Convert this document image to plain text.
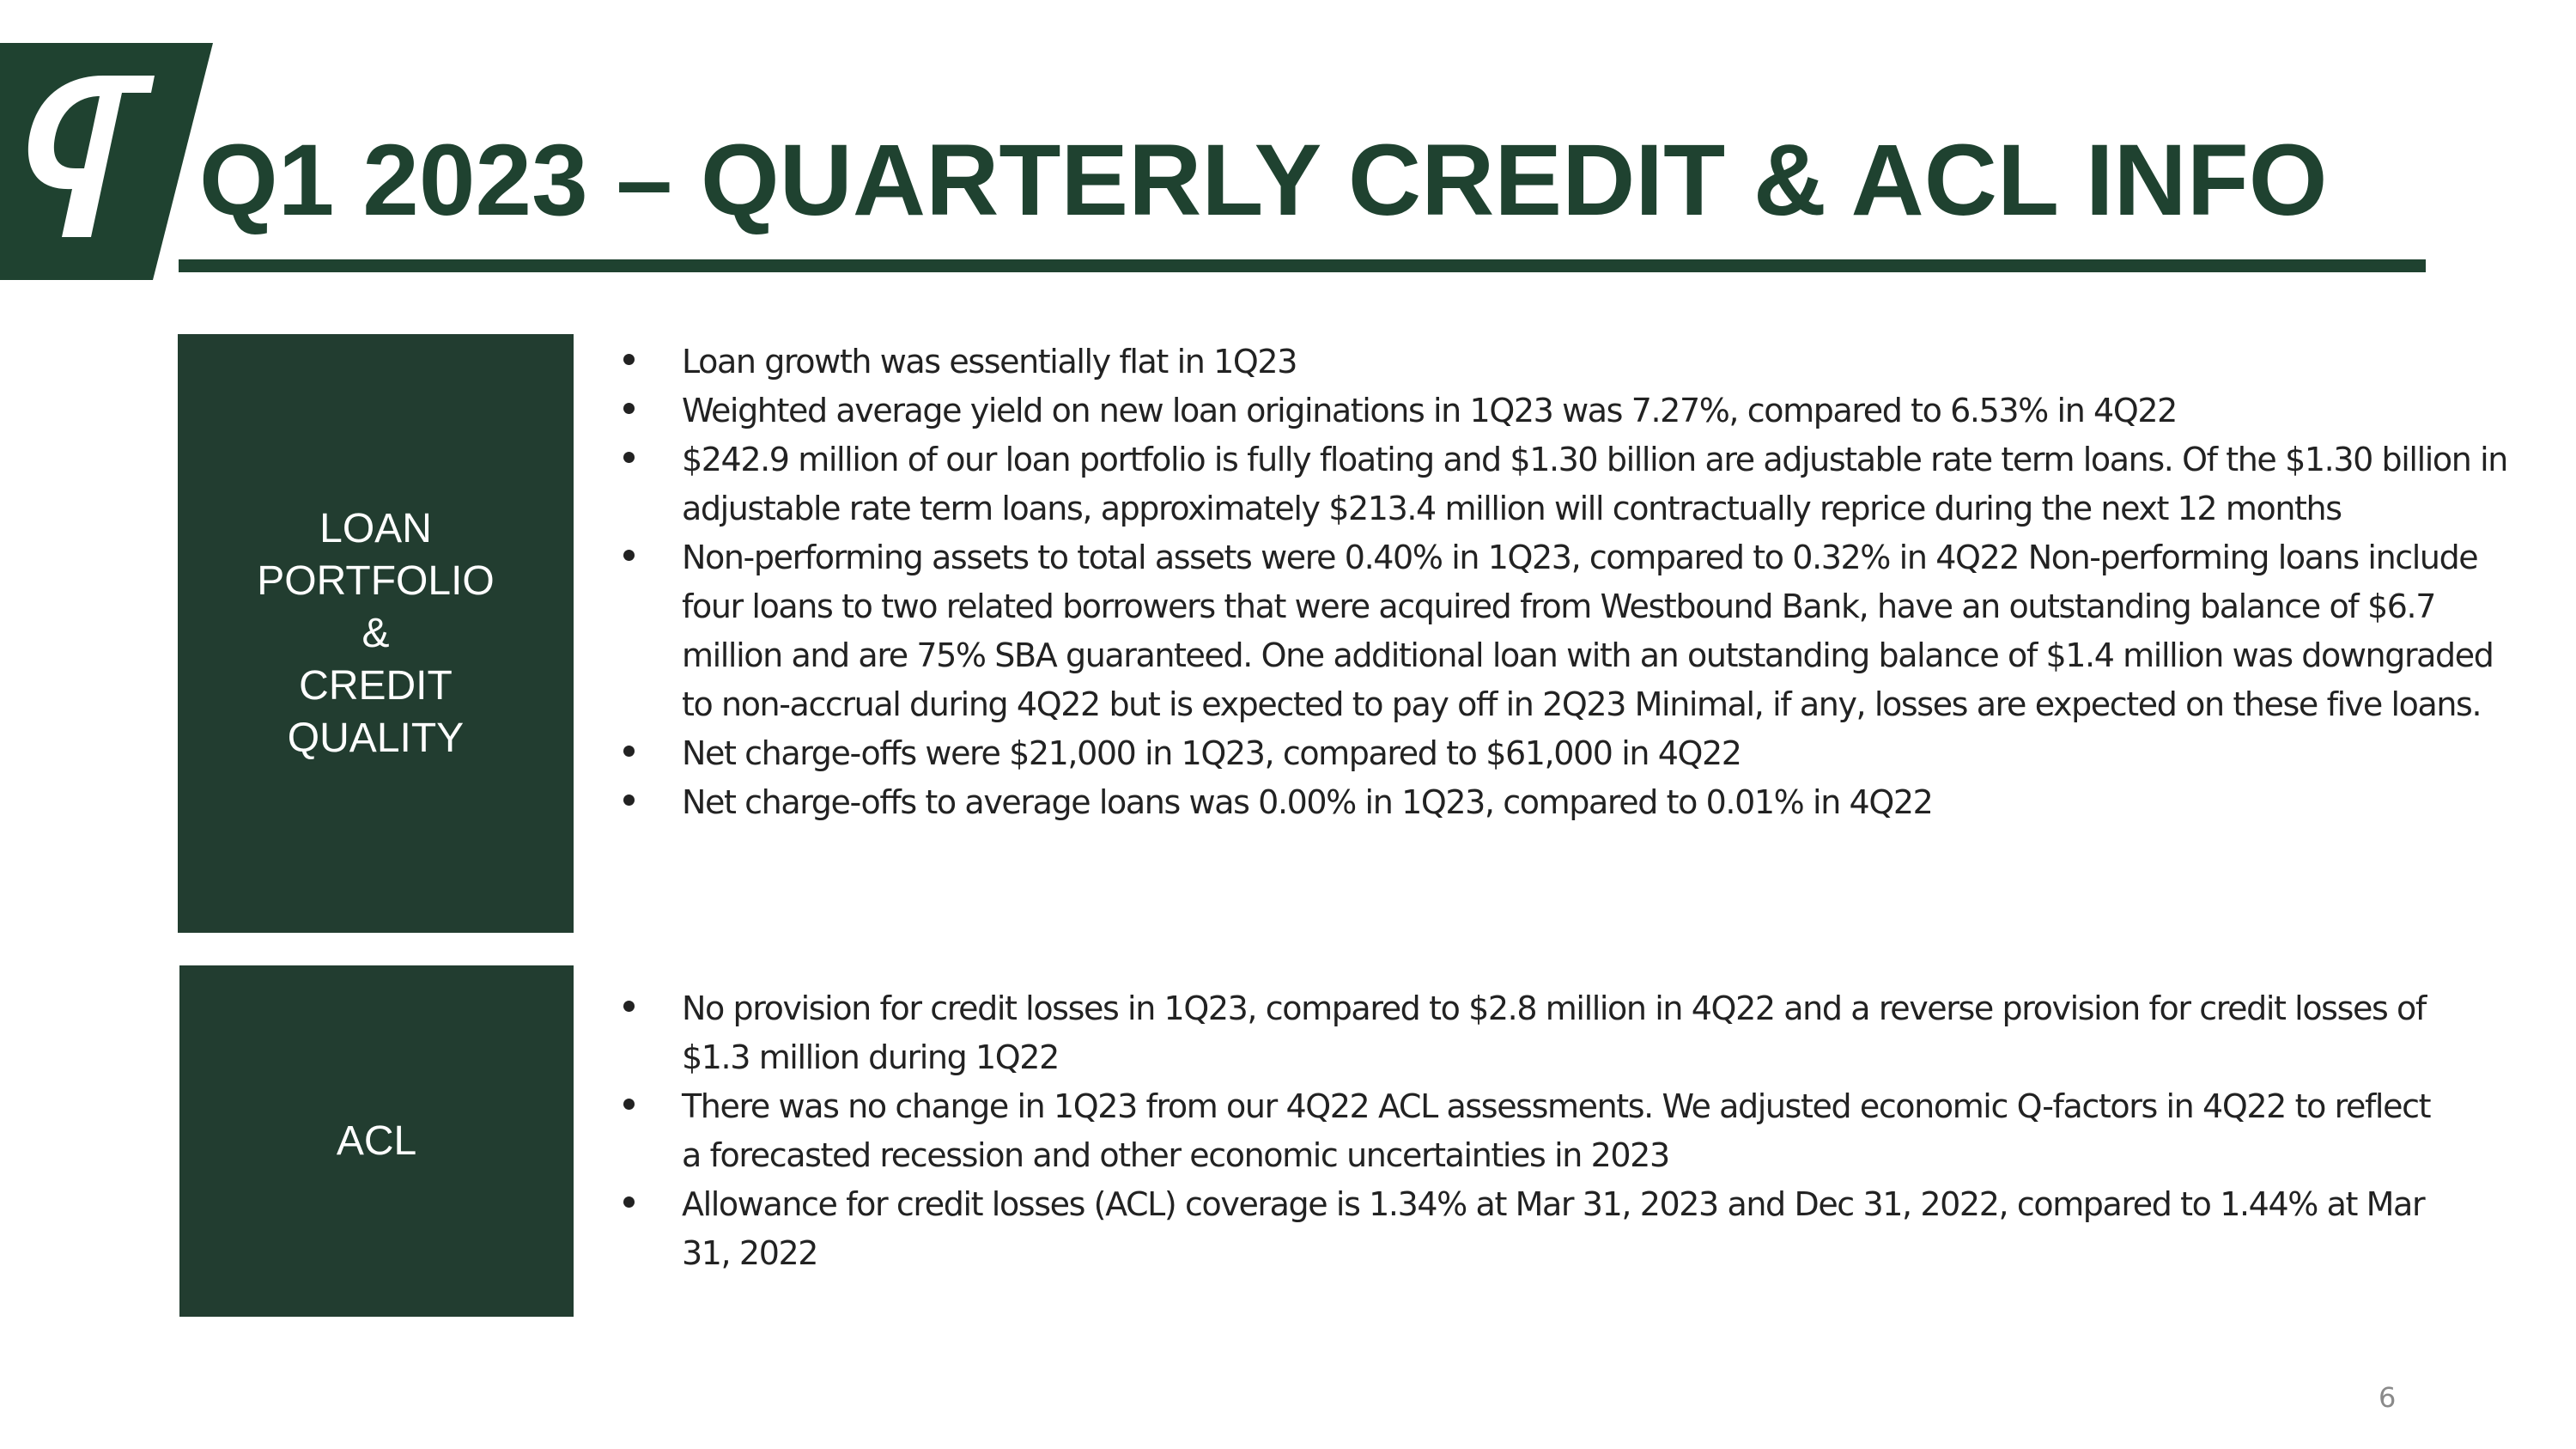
Q1 2023 – QUARTERLY CREDIT & ACL INFO
LOAN
PORTFOLIO
&
CREDIT
QUALITY
Loan growth was essentially flat in 1Q23
Weighted average yield on new loan originations in 1Q23 was 7.27%, compared to 6.53% in 4Q22
$242.9 million of our loan portfolio is fully floating and $1.30 billion are adjustable rate term loans. Of the $1.30 billion in adjustable rate term loans, approximately $213.4 million will contractually reprice during the next 12 months
Non-performing assets to total assets were 0.40% in 1Q23, compared to 0.32% in 4Q22 Non-performing loans include four loans to two related borrowers that were acquired from Westbound Bank, have an outstanding balance of $6.7 million and are 75% SBA guaranteed. One additional loan with an outstanding balance of $1.4 million was downgraded to non-accrual during 4Q22 but is expected to pay off in 2Q23 Minimal, if any, losses are expected on these five loans.
Net charge-offs were $21,000 in 1Q23, compared to $61,000 in 4Q22
Net charge-offs to average loans was 0.00% in 1Q23, compared to 0.01% in 4Q22
ACL
No provision for credit losses in 1Q23, compared to $2.8 million in 4Q22 and a reverse provision for credit losses of $1.3 million during 1Q22
There was no change in 1Q23 from our 4Q22 ACL assessments. We adjusted economic Q-factors in 4Q22 to reflect a forecasted recession and other economic uncertainties in 2023
Allowance for credit losses (ACL) coverage is 1.34% at Mar 31, 2023 and Dec 31, 2022, compared to 1.44% at Mar 31, 2022
6
